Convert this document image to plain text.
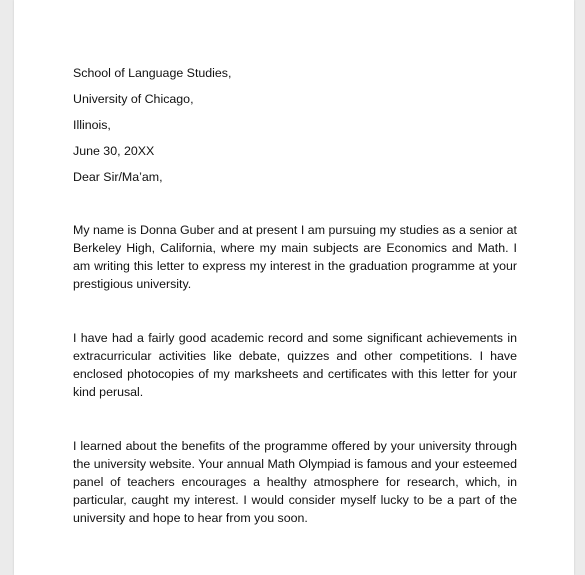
School of Language Studies,

University of Chicago,

Illinois,

June 30, 20XX

Dear Sir/Ma’am,

My name is Donna Guber and at present I am pursuing my studies as a senior at Berkeley High, California, where my main subjects are Economics and Math. I am writing this letter to express my interest in the graduation programme at your prestigious university.

I have had a fairly good academic record and some significant achievements in extracurricular activities like debate, quizzes and other competitions. I have enclosed photocopies of my marksheets and certificates with this letter for your kind perusal.

I learned about the benefits of the programme offered by your university through the university website. Your annual Math Olympiad is famous and your esteemed panel of teachers encourages a healthy atmosphere for research, which, in particular, caught my interest. I would consider myself lucky to be a part of the university and hope to hear from you soon.
